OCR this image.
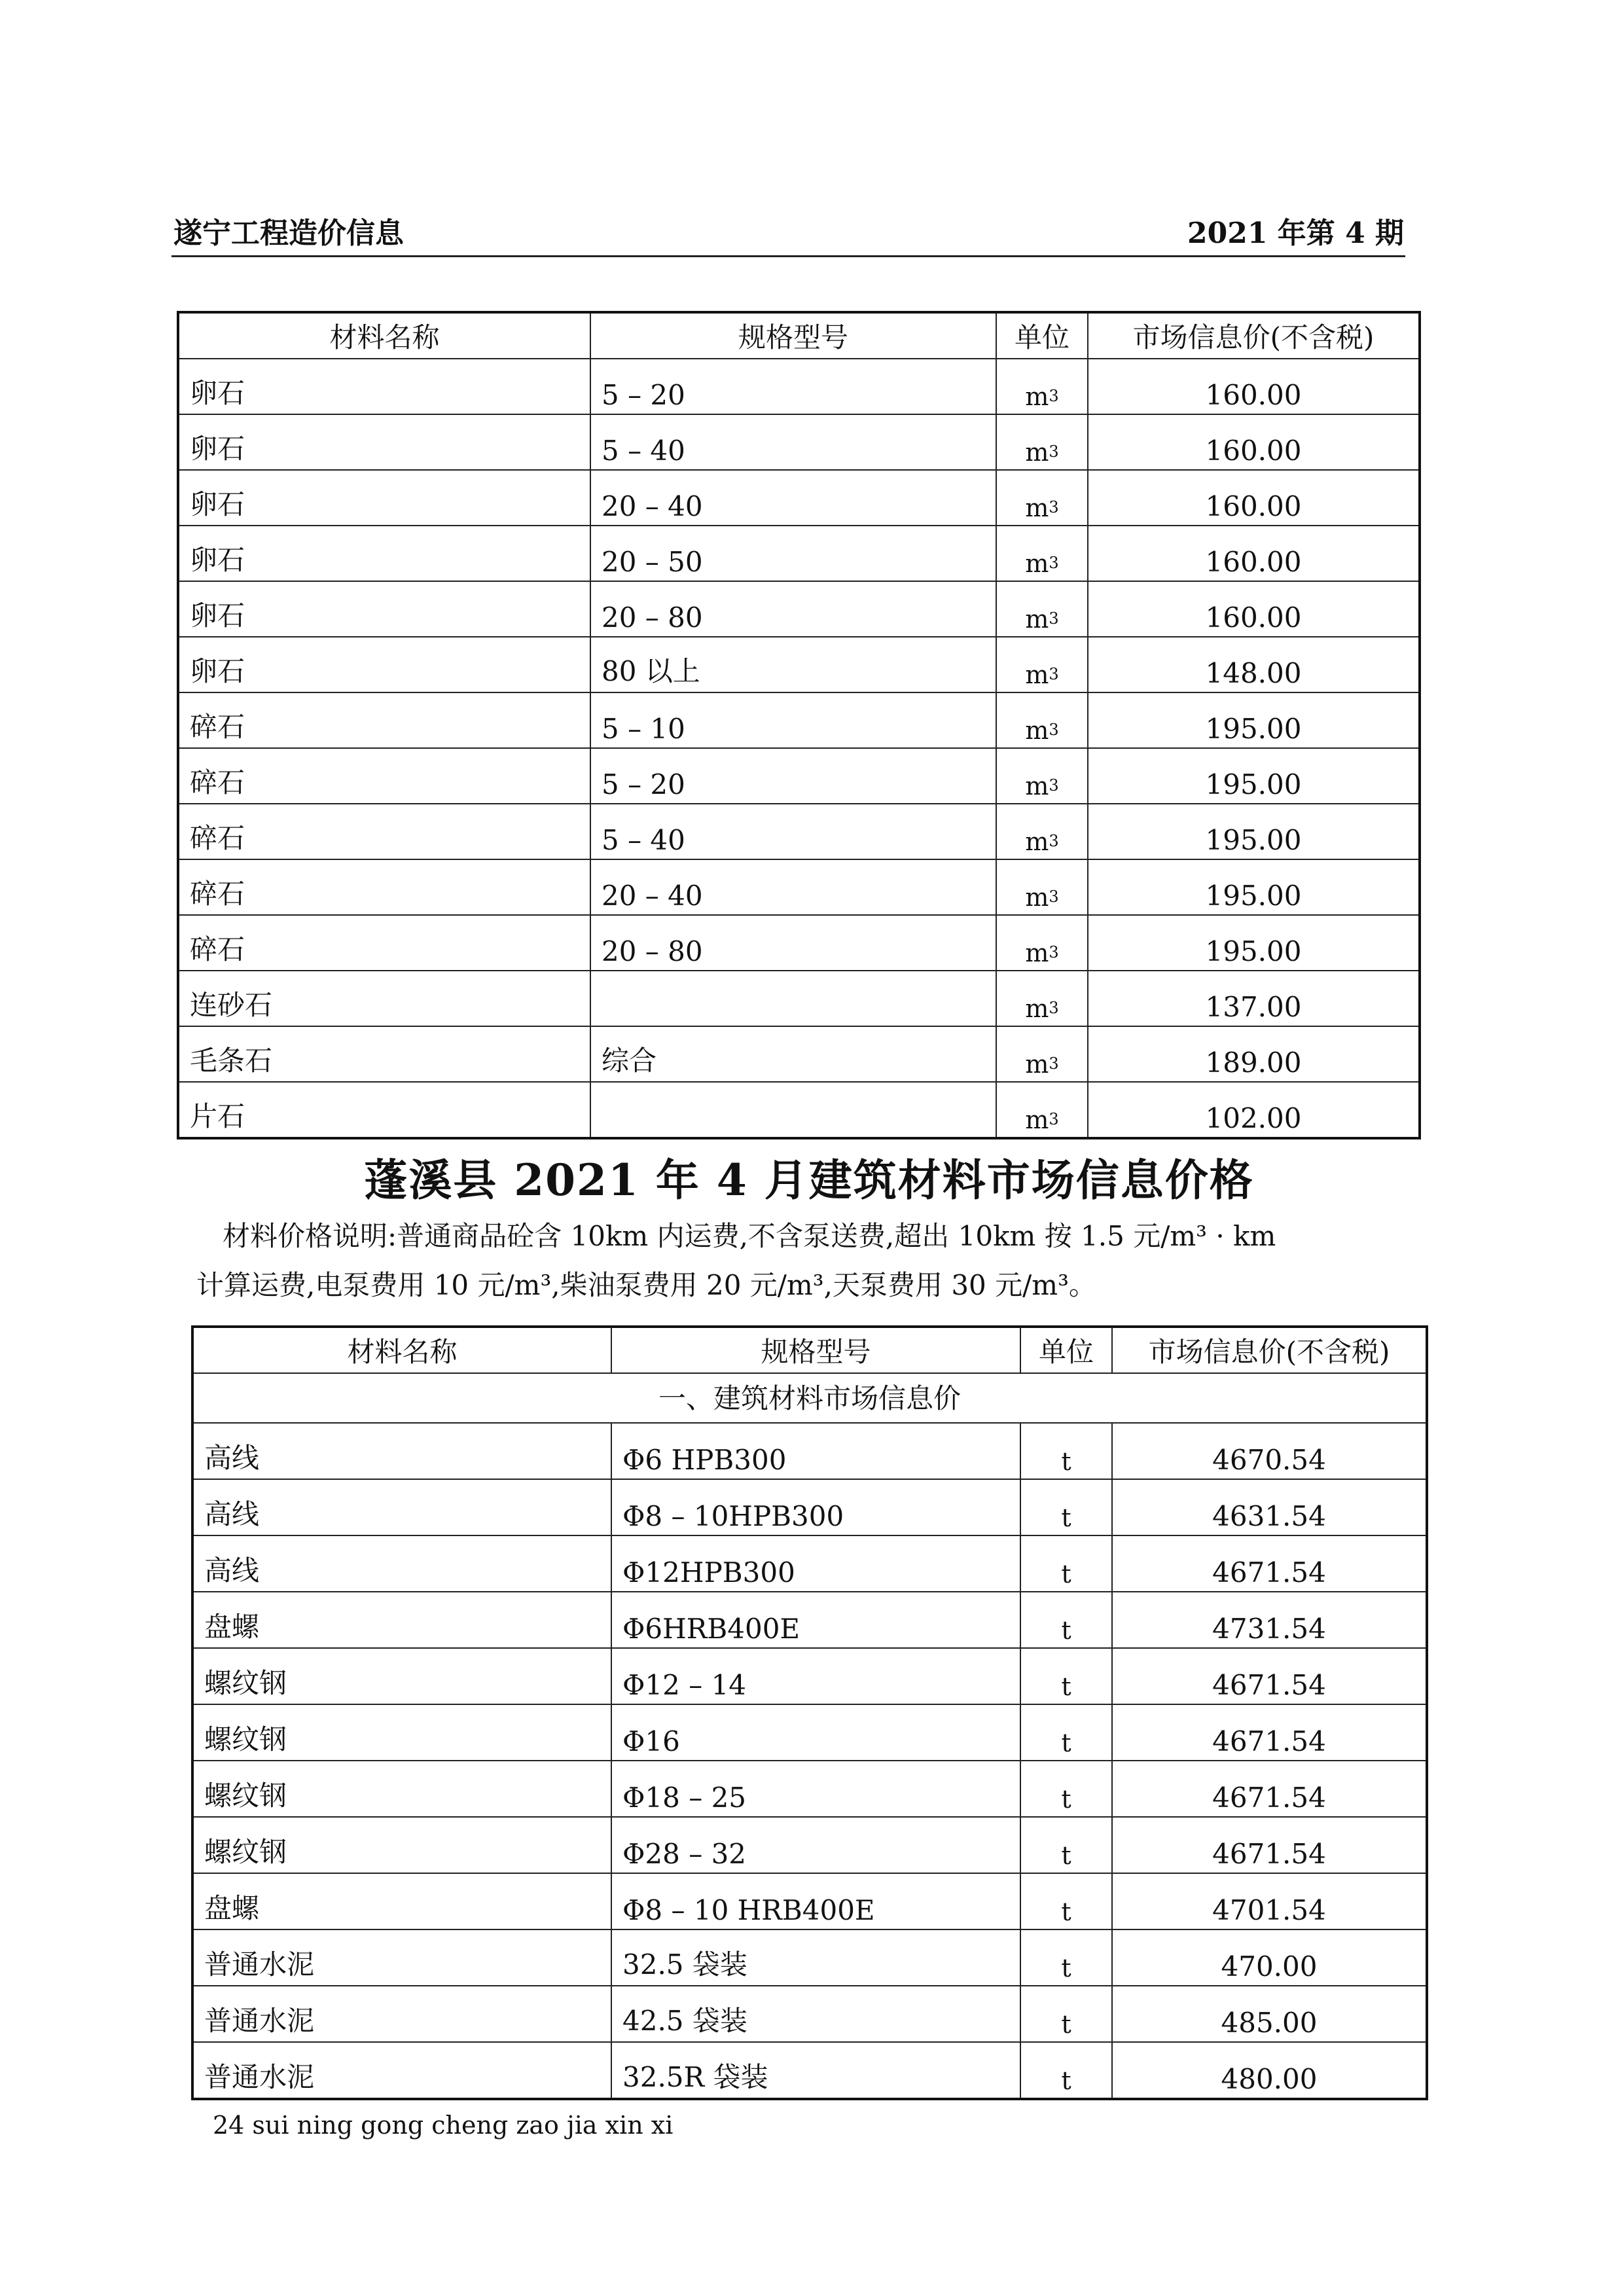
遂宁工程造价信息	2021 年第 4 期
材料名称	规格型号	单位	市场信息价(不含税)
卵石	5 – 20	$m^3$	160.00
卵石	5 – 40	$m^3$	160.00
卵石	20 – 40	$m^3$	160.00
卵石	20 – 50	$m^3$	160.00
卵石	20 – 80	$m^3$	160.00
卵石	80 以上	$m^3$	148.00
碎石	5 – 10	$m^3$	195.00
碎石	5 – 20	$m^3$	195.00
碎石	5 – 40	$m^3$	195.00
碎石	20 – 40	$m^3$	195.00
碎石	20 – 80	$m^3$	195.00
连砂石		$m^3$	137.00
毛条石	综合	$m^3$	189.00
片石		$m^3$	102.00
蓬溪县 2021 年 4 月建筑材料市场信息价格
材料价格说明:普通商品砼含 10km 内运费,不含泵送费,超出 10km 按 1.5 元/m³ · km
计算运费,电泵费用 10 元/m³,柴油泵费用 20 元/m³,天泵费用 30 元/m³。
材料名称	规格型号	单位	市场信息价(不含税)
一、建筑材料市场信息价			
高线	Φ6 HPB300	t	4670.54
高线	Φ8 – 10HPB300	t	4631.54
高线	Φ12HPB300	t	4671.54
盘螺	Φ6HRB400E	t	4731.54
螺纹钢	Φ12 – 14	t	4671.54
螺纹钢	Φ16	t	4671.54
螺纹钢	Φ18 – 25	t	4671.54
螺纹钢	Φ28 – 32	t	4671.54
盘螺	Φ8 – 10 HRB400E	t	4701.54
普通水泥	32.5 袋装	t	470.00
普通水泥	42.5 袋装	t	485.00
普通水泥	32.5R 袋装	t	480.00
24 sui ning gong cheng zao jia xin xi
